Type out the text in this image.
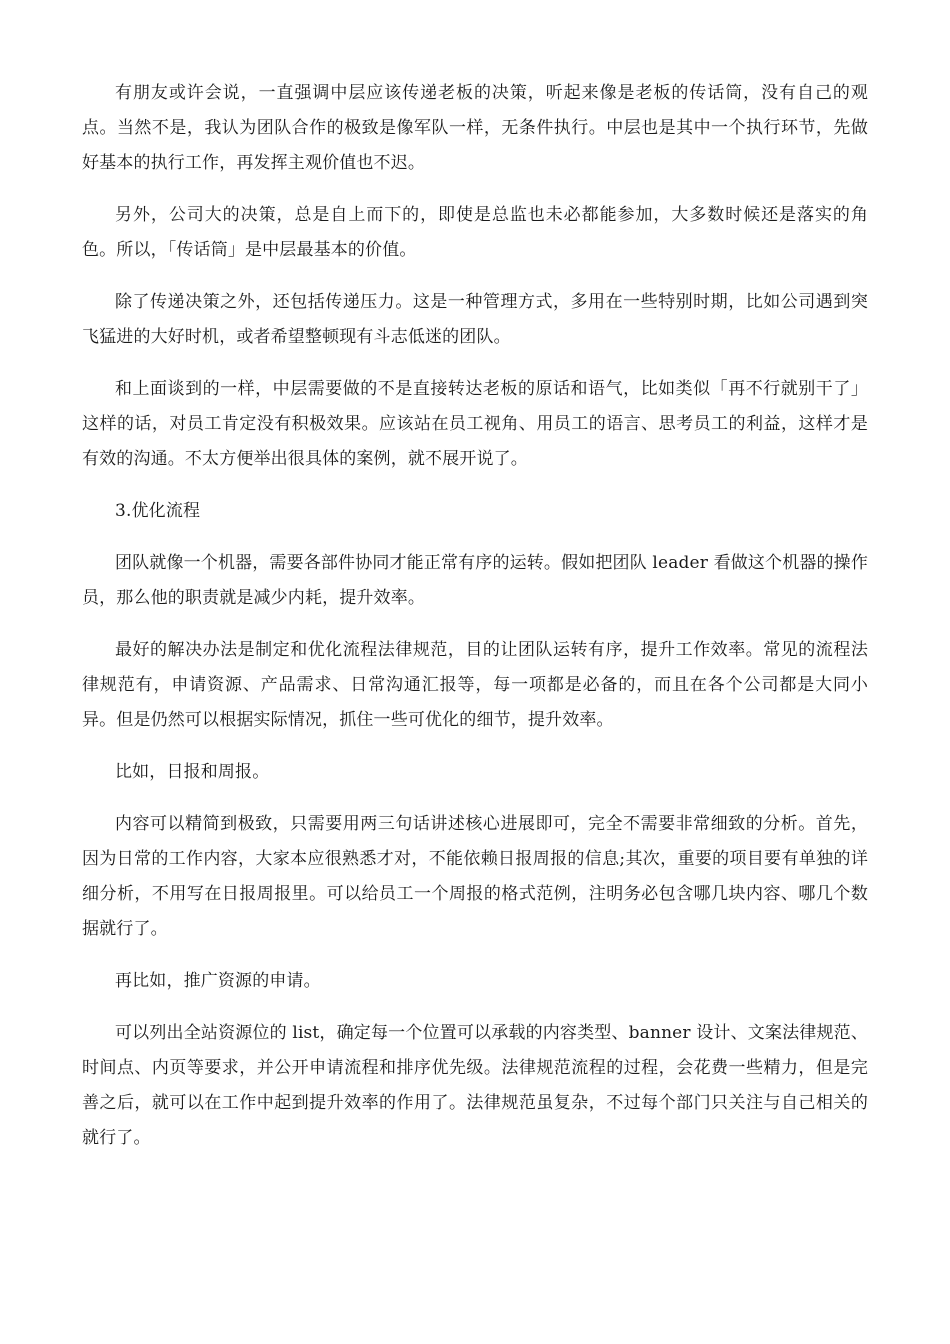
有朋友或许会说，一直强调中层应该传递老板的决策，听起来像是老板的传话筒，没有自己的观点。当然不是，我认为团队合作的极致是像军队一样，无条件执行。中层也是其中一个执行环节，先做好基本的执行工作，再发挥主观价值也不迟。

另外，公司大的决策，总是自上而下的，即使是总监也未必都能参加，大多数时候还是落实的角色。所以，「传话筒」是中层最基本的价值。

除了传递决策之外，还包括传递压力。这是一种管理方式，多用在一些特别时期，比如公司遇到突飞猛进的大好时机，或者希望整顿现有斗志低迷的团队。

和上面谈到的一样，中层需要做的不是直接转达老板的原话和语气，比如类似「再不行就别干了」这样的话，对员工肯定没有积极效果。应该站在员工视角、用员工的语言、思考员工的利益，这样才是有效的沟通。不太方便举出很具体的案例，就不展开说了。

3.优化流程

团队就像一个机器，需要各部件协同才能正常有序的运转。假如把团队 leader 看做这个机器的操作员，那么他的职责就是减少内耗，提升效率。

最好的解决办法是制定和优化流程法律规范，目的让团队运转有序，提升工作效率。常见的流程法律规范有，申请资源、产品需求、日常沟通汇报等，每一项都是必备的，而且在各个公司都是大同小异。但是仍然可以根据实际情况，抓住一些可优化的细节，提升效率。

比如，日报和周报。

内容可以精简到极致，只需要用两三句话讲述核心进展即可，完全不需要非常细致的分析。首先，因为日常的工作内容，大家本应很熟悉才对，不能依赖日报周报的信息;其次，重要的项目要有单独的详细分析，不用写在日报周报里。可以给员工一个周报的格式范例，注明务必包含哪几块内容、哪几个数据就行了。

再比如，推广资源的申请。

可以列出全站资源位的 list，确定每一个位置可以承载的内容类型、banner 设计、文案法律规范、时间点、内页等要求，并公开申请流程和排序优先级。法律规范流程的过程，会花费一些精力，但是完善之后，就可以在工作中起到提升效率的作用了。法律规范虽复杂，不过每个部门只关注与自己相关的就行了。
